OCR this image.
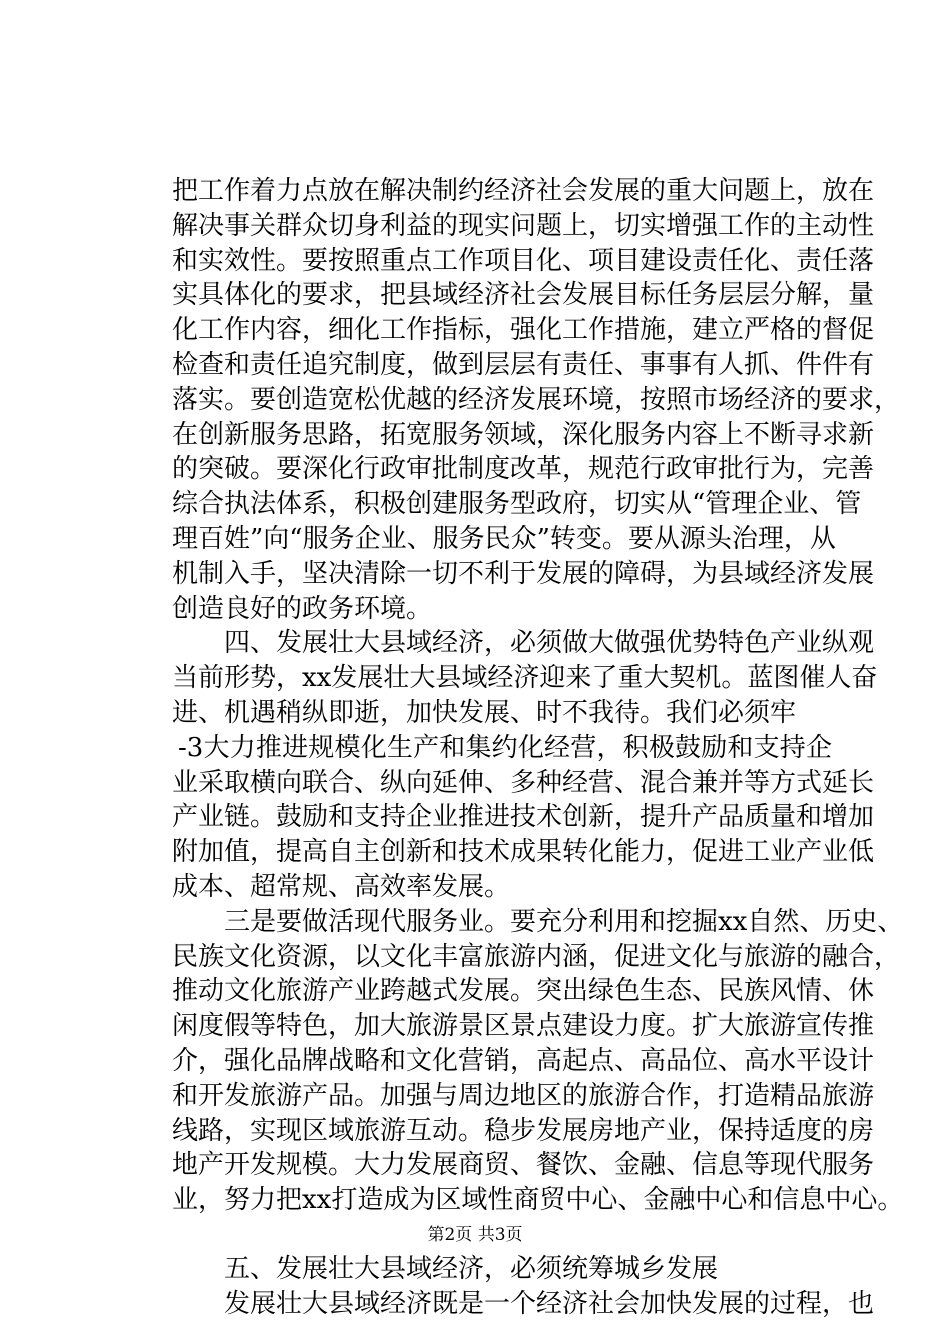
把工作着力点放在解决制约经济社会发展的重大问题上，放在
解决事关群众切身利益的现实问题上，切实增强工作的主动性
和实效性。要按照重点工作项目化、项目建设责任化、责任落
实具体化的要求，把县域经济社会发展目标任务层层分解，量
化工作内容，细化工作指标，强化工作措施，建立严格的督促
检查和责任追究制度，做到层层有责任、事事有人抓、件件有
落实。要创造宽松优越的经济发展环境，按照市场经济的要求，
在创新服务思路，拓宽服务领域，深化服务内容上不断寻求新
的突破。要深化行政审批制度改革，规范行政审批行为，完善
综合执法体系，积极创建服务型政府，切实从“管理企业、管
理百姓”向“服务企业、服务民众”转变。要从源头治理，从
机制入手，坚决清除一切不利于发展的障碍，为县域经济发展
创造良好的政务环境。
四、发展壮大县域经济，必须做大做强优势特色产业纵观
当前形势，xx发展壮大县域经济迎来了重大契机。蓝图催人奋
进、机遇稍纵即逝，加快发展、时不我待。我们必须牢
-3大力推进规模化生产和集约化经营，积极鼓励和支持企
业采取横向联合、纵向延伸、多种经营、混合兼并等方式延长
产业链。鼓励和支持企业推进技术创新，提升产品质量和增加
附加值，提高自主创新和技术成果转化能力，促进工业产业低
成本、超常规、高效率发展。
三是要做活现代服务业。要充分利用和挖掘xx自然、历史、
民族文化资源，以文化丰富旅游内涵，促进文化与旅游的融合，
推动文化旅游产业跨越式发展。突出绿色生态、民族风情、休
闲度假等特色，加大旅游景区景点建设力度。扩大旅游宣传推
介，强化品牌战略和文化营销，高起点、高品位、高水平设计
和开发旅游产品。加强与周边地区的旅游合作，打造精品旅游
线路，实现区域旅游互动。稳步发展房地产业，保持适度的房
地产开发规模。大力发展商贸、餐饮、金融、信息等现代服务
业，努力把xx打造成为区域性商贸中心、金融中心和信息中心。
五、发展壮大县域经济，必须统筹城乡发展
发展壮大县域经济既是一个经济社会加快发展的过程，也
第2页 共3页
